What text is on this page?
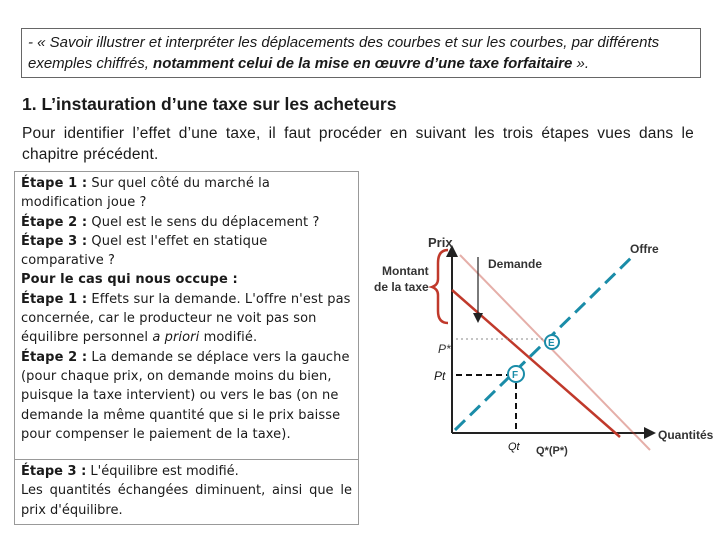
- « Savoir illustrer et interpréter les déplacements des courbes et sur les courbes, par différents exemples chiffrés, notamment celui de la mise en œuvre d’une taxe forfaitaire ».
1. L’instauration d’une taxe sur les acheteurs
Pour identifier l’effet d’une taxe, il faut procéder en suivant les trois étapes vues dans le chapitre précédent.

Étape 1 : Sur quel côté du marché la modification joue ?

Étape 2 : Quel est le sens du déplacement ?

Étape 3 : Quel est l'effet en statique comparative ?

Pour le cas qui nous occupe :

Étape 1 : Effets sur la demande. L'offre n'est pas concernée, car le producteur ne voit pas son équilibre personnel a priori modifié.

Étape 2 : La demande se déplace vers la gauche (pour chaque prix, on demande moins du bien, puisque la taxe intervient) ou vers le bas (on ne demande la même quantité que si le prix baisse pour compenser le paiement de la taxe).

Étape 3 : L'équilibre est modifié.

Les quantités échangées diminuent, ainsi que le prix d'équilibre.

Prix
Quantités
Offre
Demande
Montant
de la taxe
P*
Pt
Qt Q*(P*)
E
F
